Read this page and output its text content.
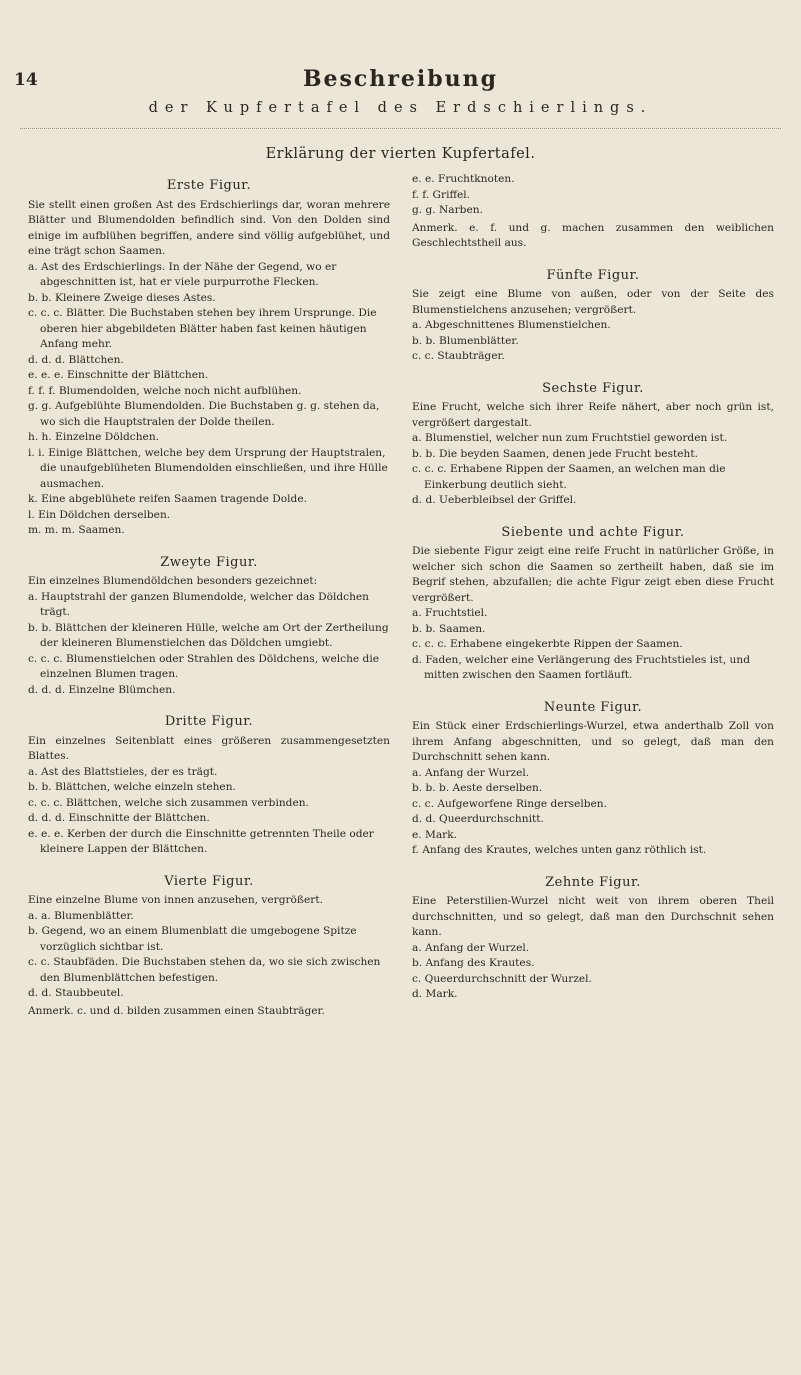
14	Beschreibung
der Kupfertafel des Erdschierlings.
Erklärung der vierten Kupfertafel.
Erste Figur.

Sie stellt einen großen Ast des Erdschierlings dar, woran mehrere Blätter und Blumendolden befindlich sind. Von den Dolden sind einige im aufblühen begriffen, andere sind völlig aufgeblühet, und eine trägt schon Saamen.

a. Ast des Erdschierlings. In der Nähe der Gegend, wo er abgeschnitten ist, hat er viele purpurrothe Flecken.

b. b. Kleinere Zweige dieses Astes.

c. c. c. Blätter. Die Buchstaben stehen bey ihrem Ursprunge. Die oberen hier abgebildeten Blätter haben fast keinen häutigen Anfang mehr.

d. d. d. Blättchen.

e. e. e. Einschnitte der Blättchen.

f. f. f. Blumendolden, welche noch nicht aufblühen.

g. g. Aufgeblühte Blumendolden. Die Buchstaben g. g. stehen da, wo sich die Hauptstralen der Dolde theilen.

h. h. Einzelne Döldchen.

i. i. Einige Blättchen, welche bey dem Ursprung der Hauptstralen, die unaufgeblüheten Blumendolden einschließen, und ihre Hülle ausmachen.

k. Eine abgeblühete reifen Saamen tragende Dolde.

l. Ein Döldchen derselben.

m. m. m. Saamen.

Zweyte Figur.

Ein einzelnes Blumendöldchen besonders gezeichnet:

a. Hauptstrahl der ganzen Blumendolde, welcher das Döldchen trägt.

b. b. Blättchen der kleineren Hülle, welche am Ort der Zertheilung der kleineren Blumenstielchen das Döldchen umgiebt.

c. c. c. Blumenstielchen oder Strahlen des Döldchens, welche die einzelnen Blumen tragen.

d. d. d. Einzelne Blümchen.

Dritte Figur.

Ein einzelnes Seitenblatt eines größeren zusammengesetzten Blattes.

a. Ast des Blattstieles, der es trägt.

b. b. Blättchen, welche einzeln stehen.

c. c. c. Blättchen, welche sich zusammen verbinden.

d. d. d. Einschnitte der Blättchen.

e. e. e. Kerben der durch die Einschnitte getrennten Theile oder kleinere Lappen der Blättchen.

Vierte Figur.

Eine einzelne Blume von innen anzusehen, vergrößert.

a. a. Blumenblätter.

b. Gegend, wo an einem Blumenblatt die umgebogene Spitze vorzüglich sichtbar ist.

c. c. Staubfäden. Die Buchstaben stehen da, wo sie sich zwischen den Blumenblättchen befestigen.

d. d. Staubbeutel.

Anmerk. c. und d. bilden zusammen einen Staubträger.

e. e. Fruchtknoten.

f. f. Griffel.

g. g. Narben.

Anmerk. e. f. und g. machen zusammen den weiblichen Geschlechtstheil aus.

Fünfte Figur.

Sie zeigt eine Blume von außen, oder von der Seite des Blumenstielchens anzusehen; vergrößert.

a. Abgeschnittenes Blumenstielchen.

b. b. Blumenblätter.

c. c. Staubträger.

Sechste Figur.

Eine Frucht, welche sich ihrer Reife nähert, aber noch grün ist, vergrößert dargestalt.

a. Blumenstiel, welcher nun zum Fruchtstiel geworden ist.

b. b. Die beyden Saamen, denen jede Frucht besteht.

c. c. c. Erhabene Rippen der Saamen, an welchen man die Einkerbung deutlich sieht.

d. d. Ueberbleibsel der Griffel.

Siebente und achte Figur.

Die siebente Figur zeigt eine reife Frucht in natürlicher Größe, in welcher sich schon die Saamen so zertheilt haben, daß sie im Begrif stehen, abzufallen; die achte Figur zeigt eben diese Frucht vergrößert.

a. Fruchtstiel.

b. b. Saamen.

c. c. c. Erhabene eingekerbte Rippen der Saamen.

d. Faden, welcher eine Verlängerung des Fruchtstieles ist, und mitten zwischen den Saamen fortläuft.

Neunte Figur.

Ein Stück einer Erdschierlings-Wurzel, etwa anderthalb Zoll von ihrem Anfang abgeschnitten, und so gelegt, daß man den Durchschnitt sehen kann.

a. Anfang der Wurzel.

b. b. b. Aeste derselben.

c. c. Aufgeworfene Ringe derselben.

d. d. Queerdurchschnitt.

e. Mark.

f. Anfang des Krautes, welches unten ganz röthlich ist.

Zehnte Figur.

Eine Peterstilien-Wurzel nicht weit von ihrem oberen Theil durchschnitten, und so gelegt, daß man den Durchschnit sehen kann.

a. Anfang der Wurzel.

b. Anfang des Krautes.

c. Queerdurchschnitt der Wurzel.

d. Mark.
